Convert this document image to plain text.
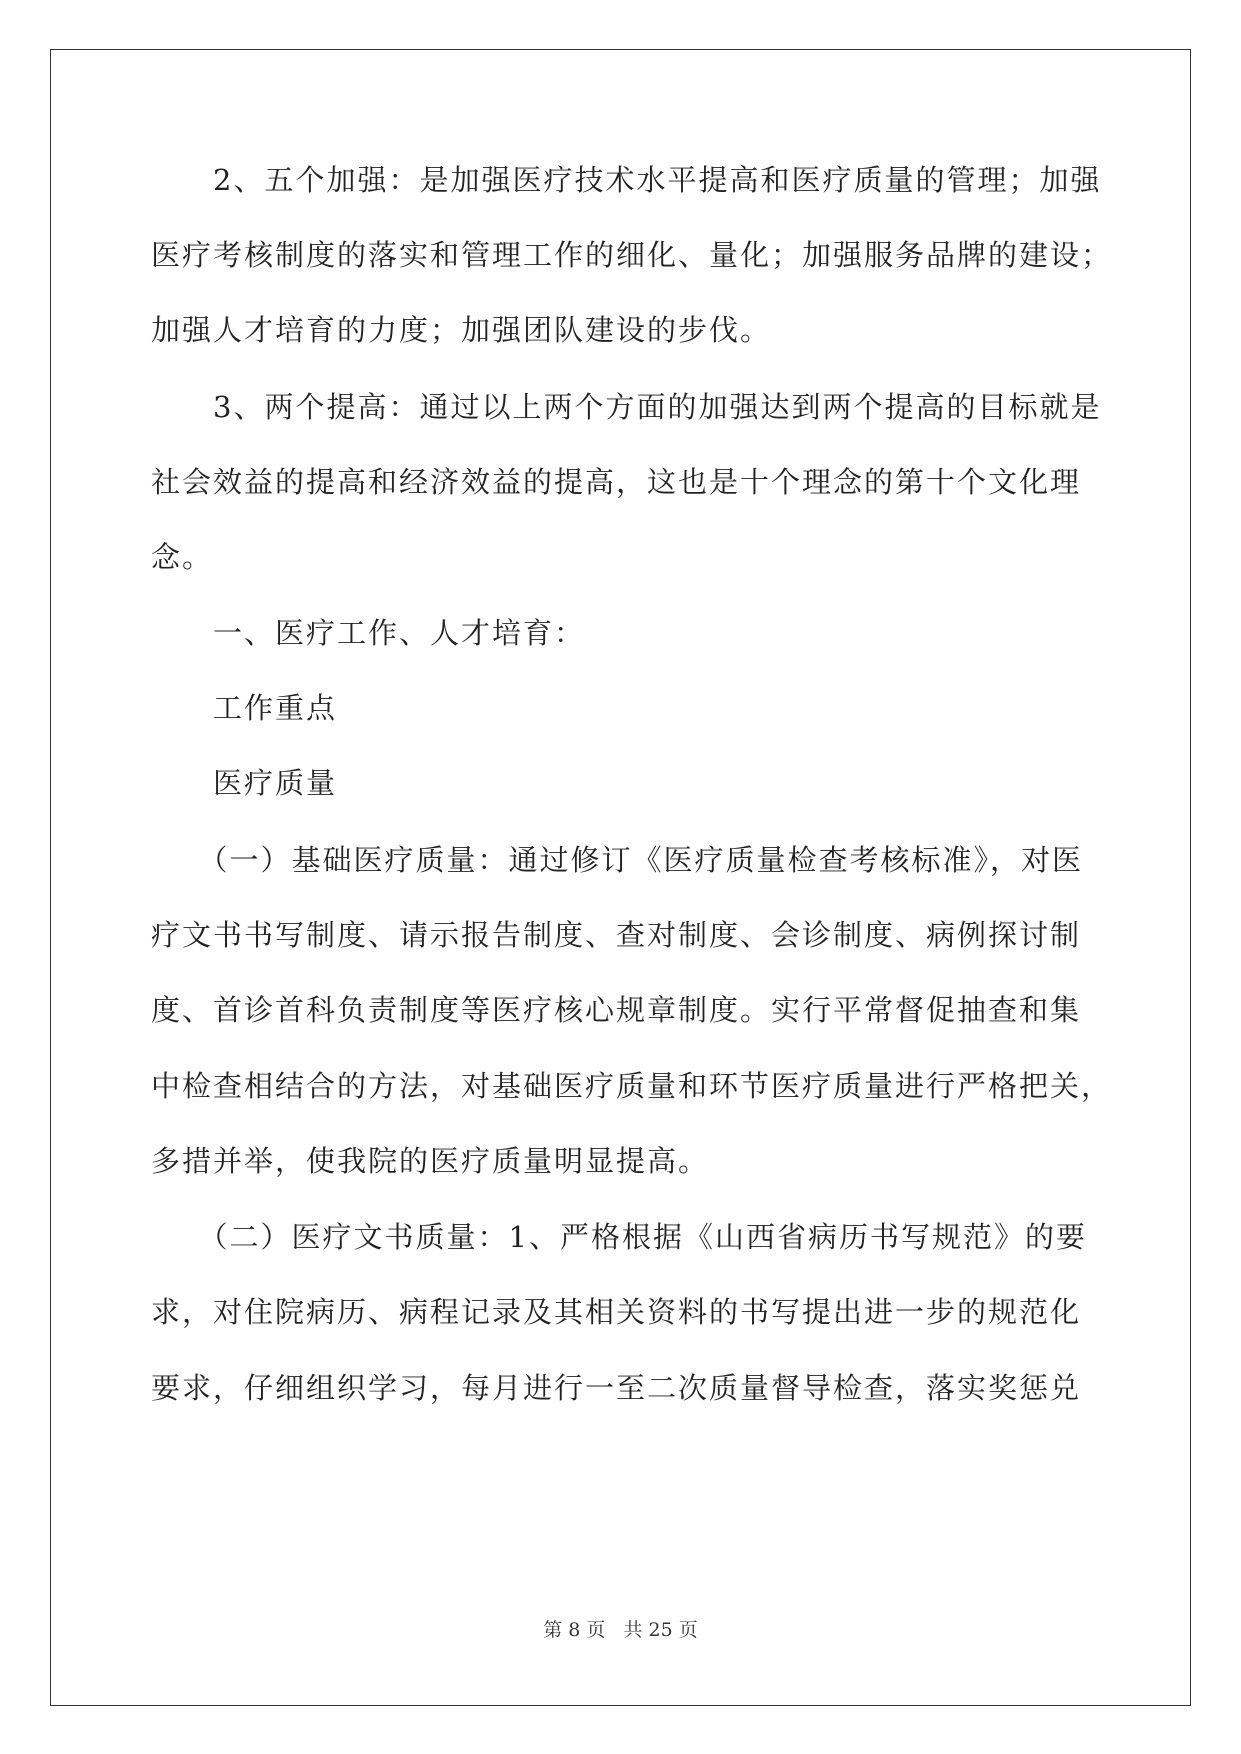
　　2、五个加强：是加强医疗技术水平提高和医疗质量的管理；加强
医疗考核制度的落实和管理工作的细化、量化；加强服务品牌的建设；
加强人才培育的力度；加强团队建设的步伐。
　　3、两个提高：通过以上两个方面的加强达到两个提高的目标就是
社会效益的提高和经济效益的提高，这也是十个理念的第十个文化理
念。
　　一、医疗工作、人才培育：
　　工作重点
　　医疗质量
　　（一）基础医疗质量：通过修订《医疗质量检查考核标准》，对医
疗文书书写制度、请示报告制度、查对制度、会诊制度、病例探讨制
度、首诊首科负责制度等医疗核心规章制度。实行平常督促抽查和集
中检查相结合的方法，对基础医疗质量和环节医疗质量进行严格把关，
多措并举，使我院的医疗质量明显提高。
　　（二）医疗文书质量：1、严格根据《山西省病历书写规范》的要
求，对住院病历、病程记录及其相关资料的书写提出进一步的规范化
要求，仔细组织学习，每月进行一至二次质量督导检查，落实奖惩兑
第 8 页 共 25 页
